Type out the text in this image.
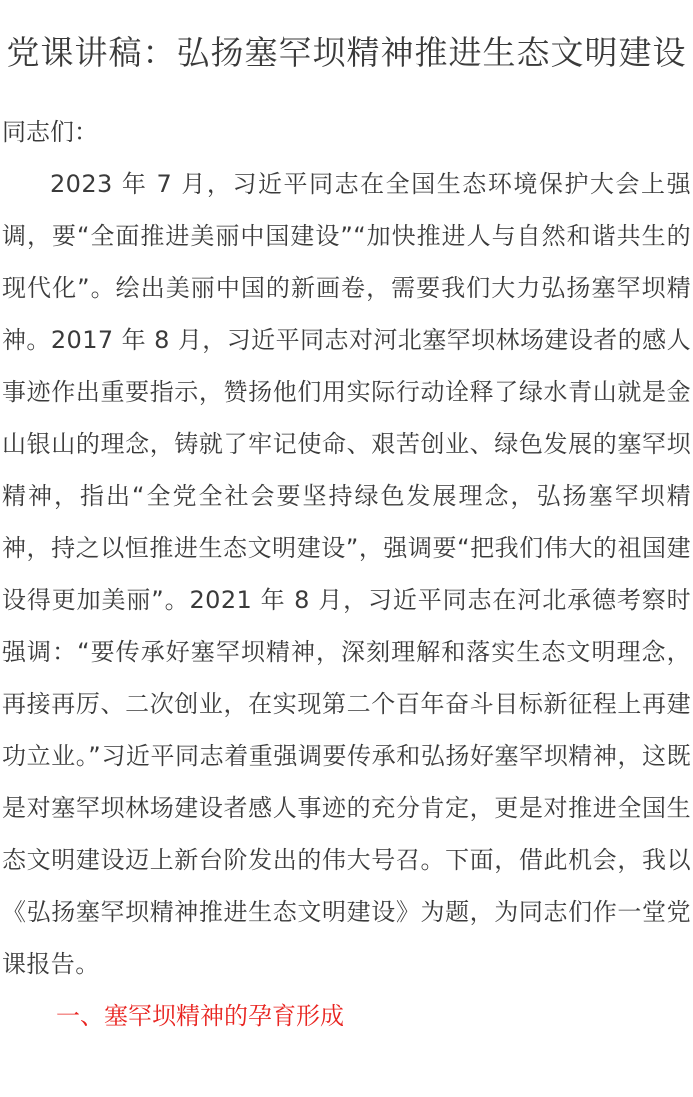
党课讲稿：弘扬塞罕坝精神推进生态文明建设

同志们：

2023 年 7 月，习近平同志在全国生态环境保护大会上强调，要“全面推进美丽中国建设”“加快推进人与自然和谐共生的现代化”。绘出美丽中国的新画卷，需要我们大力弘扬塞罕坝精神。2017 年 8 月，习近平同志对河北塞罕坝林场建设者的感人事迹作出重要指示，赞扬他们用实际行动诠释了绿水青山就是金山银山的理念，铸就了牢记使命、艰苦创业、绿色发展的塞罕坝精神，指出“全党全社会要坚持绿色发展理念，弘扬塞罕坝精神，持之以恒推进生态文明建设”，强调要“把我们伟大的祖国建设得更加美丽”。2021 年 8 月，习近平同志在河北承德考察时强调：“要传承好塞罕坝精神，深刻理解和落实生态文明理念，再接再厉、二次创业，在实现第二个百年奋斗目标新征程上再建功立业。”习近平同志着重强调要传承和弘扬好塞罕坝精神，这既是对塞罕坝林场建设者感人事迹的充分肯定，更是对推进全国生态文明建设迈上新台阶发出的伟大号召。下面，借此机会，我以《弘扬塞罕坝精神推进生态文明建设》为题，为同志们作一堂党课报告。

一、塞罕坝精神的孕育形成
